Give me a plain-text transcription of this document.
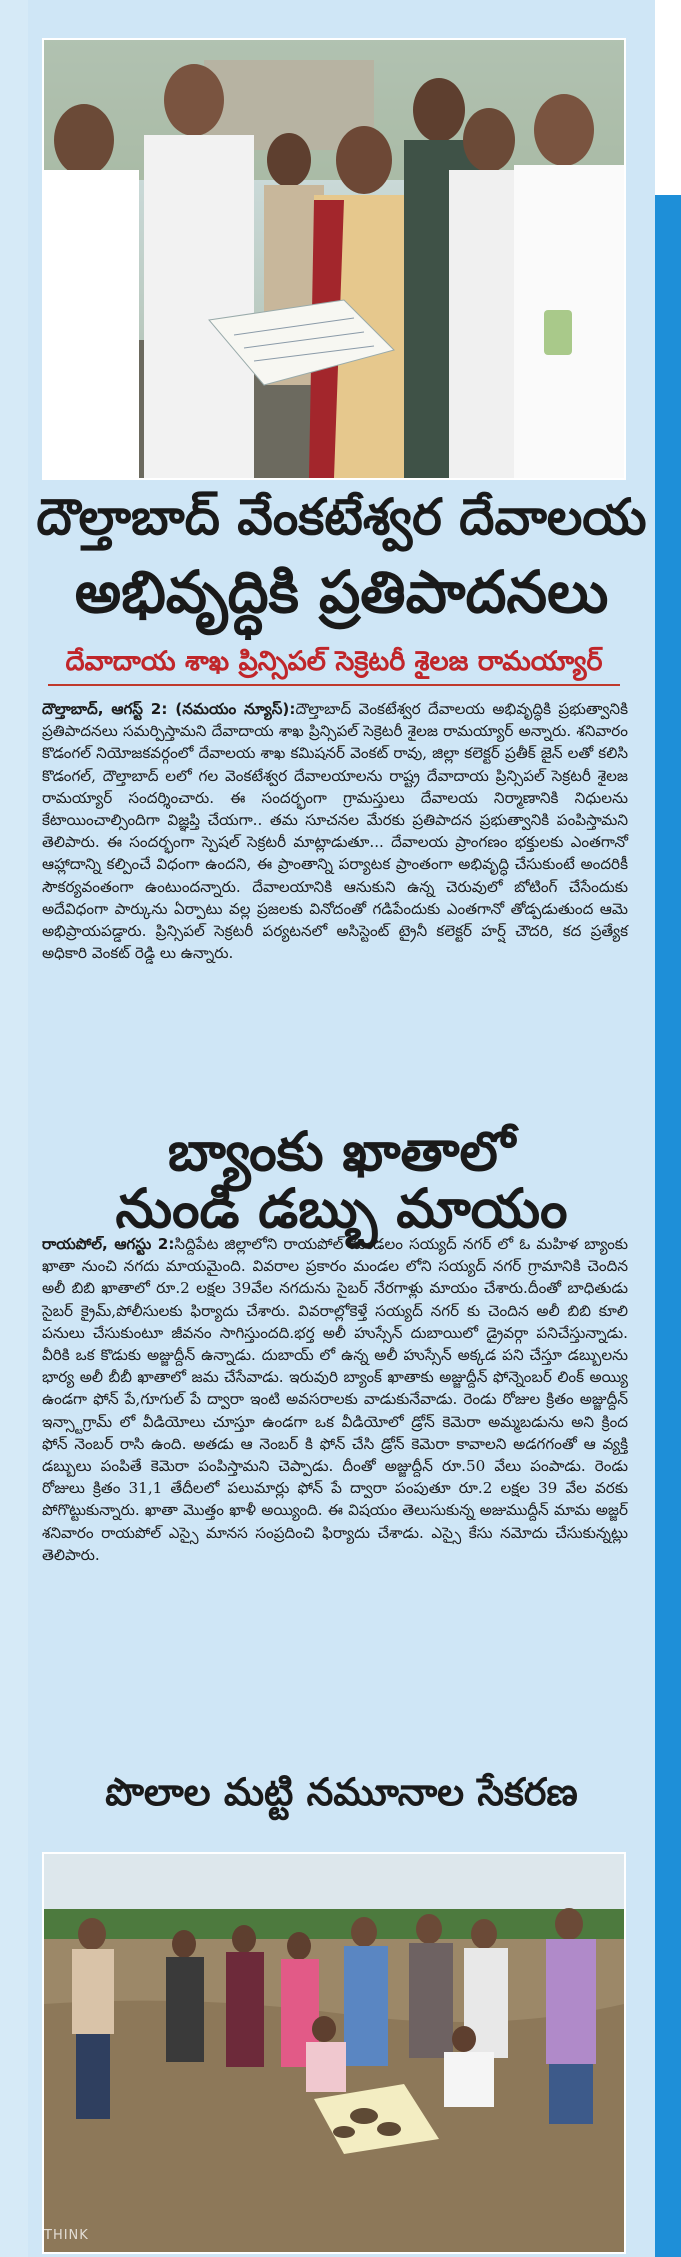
దౌల్తాబాద్ వేంకటేశ్వర దేవాలయ
అభివృద్ధికి ప్రతిపాదనలు
దేవాదాయ శాఖ ప్రిన్సిపల్ సెక్రెటరీ శైలజ రామయ్యార్
దౌల్తాబాద్, ఆగస్ట్ 2: (నమయం న్యూస్):దౌల్తాబాద్ వెంకటేశ్వర దేవాలయ అభివృద్ధికి ప్రభుత్వానికి ప్రతిపాదనలు సమర్పిస్తామని దేవాదాయ శాఖ ప్రిన్సిపల్ సెక్రెటరీ శైలజ రామయ్యార్ అన్నారు. శనివారం కొడంగల్ నియోజకవర్గంలో దేవాలయ శాఖ కమిషనర్ వెంకట్ రావు, జిల్లా కలెక్టర్ ప్రతీక్ జైన్ లతో కలిసి కొడంగల్, దౌల్తాబాద్ లలో గల వెంకటేశ్వర దేవాలయాలను రాష్ట్ర దేవాదాయ ప్రిన్సిపల్ సెక్రటరీ శైలజ రామయ్యార్ సందర్శించారు. ఈ సందర్భంగా గ్రామస్తులు దేవాలయ నిర్మాణానికి నిధులను కేటాయించాల్సిందిగా విజ్ఞప్తి చేయగా.. తమ సూచనల మేరకు ప్రతిపాదన ప్రభుత్వానికి పంపిస్తామని తెలిపారు. ఈ సందర్భంగా స్పెషల్ సెక్రటరీ మాట్లాడుతూ... దేవాలయ ప్రాంగణం భక్తులకు ఎంతగానో ఆహ్లాదాన్ని కల్పించే విధంగా ఉందని, ఈ ప్రాంతాన్ని పర్యాటక ప్రాంతంగా అభివృద్ధి చేసుకుంటే అందరికీ సౌకర్యవంతంగా ఉంటుందన్నారు. దేవాలయానికి ఆనుకుని ఉన్న చెరువులో బోటింగ్ చేసేందుకు అదేవిధంగా పార్కును ఏర్పాటు వల్ల ప్రజలకు వినోదంతో గడిపేందుకు ఎంతగానో తోడ్పడుతుంద ఆమె అభిప్రాయపడ్డారు. ప్రిన్సిపల్ సెక్రటరీ పర్యటనలో అసిస్టెంట్ ట్రైనీ కలెక్టర్ హర్ష్ చౌదరి, కద ప్రత్యేక అధికారి వెంకట్ రెడ్డి లు ఉన్నారు.
బ్యాంకు ఖాతాలో
నుండి డబ్బు మాయం
రాయపోల్, ఆగస్టు 2:సిద్దిపేట జిల్లాలోని రాయపోల్ మండలం సయ్యద్ నగర్ లో ఓ మహిళ బ్యాంకు ఖాతా నుంచి నగదు మాయమైంది. వివరాల ప్రకారం మండల లోని సయ్యద్ నగర్ గ్రామానికి చెందిన అలీ బిబి ఖాతాలో రూ.2 లక్షల 39వేల నగదును సైబర్ నేరగాళ్లు మాయం చేశారు.దీంతో బాధితుడు సైబర్ క్రైమ్,పోలీసులకు ఫిర్యాదు చేశారు. వివరాల్లోకెళ్తే సయ్యద్ నగర్ కు చెందిన అలీ బిబి కూలి పనులు చేసుకుంటూ జీవనం సాగిస్తుందది.భర్త అలీ హుస్సేన్ దుబాయిలో డ్రైవర్గా పనిచేస్తున్నాడు. వీరికి ఒక కొడుకు అజ్జుద్దీన్ ఉన్నాడు. దుబాయ్ లో ఉన్న అలీ హుస్సేన్ అక్కడ పని చేస్తూ డబ్బులను భార్య అలీ బీబీ ఖాతాలో జమ చేసేవాడు. ఇరువురి బ్యాంక్ ఖాతాకు అజ్జుద్దీన్ ఫోన్నెంబర్ లింక్ అయ్యి ఉండగా ఫోన్ పే,గూగుల్ పే ద్వారా ఇంటి అవసరాలకు వాడుకునేవాడు. రెండు రోజుల క్రితం అజ్జుద్దీన్ ఇన్స్టాగ్రామ్ లో వీడియోలు చూస్తూ ఉండగా ఒక వీడియోలో డ్రోన్ కెమెరా అమ్మబడును అని క్రింద ఫోన్ నెంబర్ రాసి ఉంది. అతడు ఆ నెంబర్ కి ఫోన్ చేసి డ్రోన్ కెమెరా కావాలని అడగగంతో ఆ వ్యక్తి డబ్బులు పంపితే కెమెరా పంపిస్తామని చెప్పాడు. దీంతో అజ్జుద్దీన్ రూ.50 వేలు పంపాడు. రెండు రోజులు క్రితం 31,1 తేదీలలో పలుమార్లు ఫోన్ పే ద్వారా పంపుతూ రూ.2 లక్షల 39 వేల వరకు పోగొట్టుకున్నారు. ఖాతా మొత్తం ఖాళీ అయ్యింది. ఈ విషయం తెలుసుకున్న అజుముద్దీన్ మామ అజ్జర్ శనివారం రాయపోల్ ఎస్సై మానస సంప్రదించి ఫిర్యాదు చేశాడు. ఎస్సై కేసు నమోదు చేసుకున్నట్లు తెలిపారు.
పొలాల మట్టి నమూనాల సేకరణ
THINK
